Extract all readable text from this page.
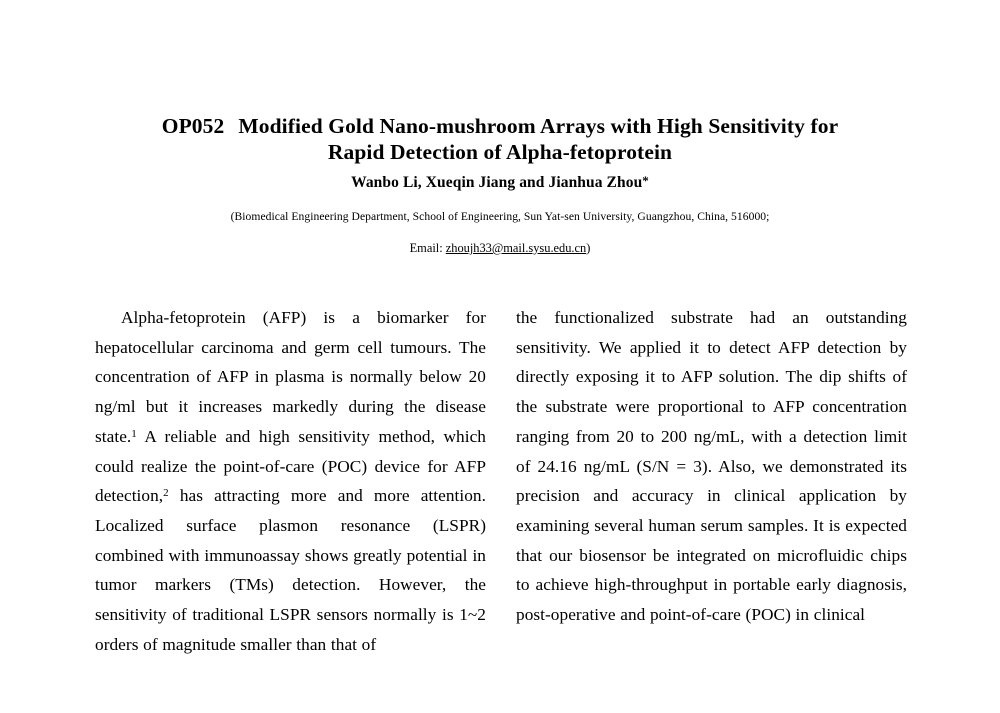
OP052 Modified Gold Nano-mushroom Arrays with High Sensitivity for
Rapid Detection of Alpha-fetoprotein

Wanbo Li, Xueqin Jiang and Jianhua Zhou*

(Biomedical Engineering Department, School of Engineering, Sun Yat-sen University, Guangzhou, China, 516000;

Email: zhoujh33@mail.sysu.edu.cn)

Alpha-fetoprotein (AFP) is a biomarker for hepatocellular carcinoma and germ cell tumours. The concentration of AFP in plasma is normally below 20 ng/ml but it increases markedly during the disease state.$^1$ A reliable and high sensitivity method, which could realize the point-of-care (POC) device for AFP detection,$^2$ has attracting more and more attention. Localized surface plasmon resonance (LSPR) combined with immunoassay shows greatly potential in tumor markers (TMs) detection. However, the sensitivity of traditional LSPR sensors normally is 1~2 orders of magnitude smaller than that of

the functionalized substrate had an outstanding sensitivity. We applied it to detect AFP detection by directly exposing it to AFP solution. The dip shifts of the substrate were proportional to AFP concentration ranging from 20 to 200 ng/mL, with a detection limit of 24.16 ng/mL (S/N = 3). Also, we demonstrated its precision and accuracy in clinical application by examining several human serum samples. It is expected that our biosensor be integrated on microfluidic chips to achieve high-throughput in portable early diagnosis, post-operative and point-of-care (POC) in clinical
